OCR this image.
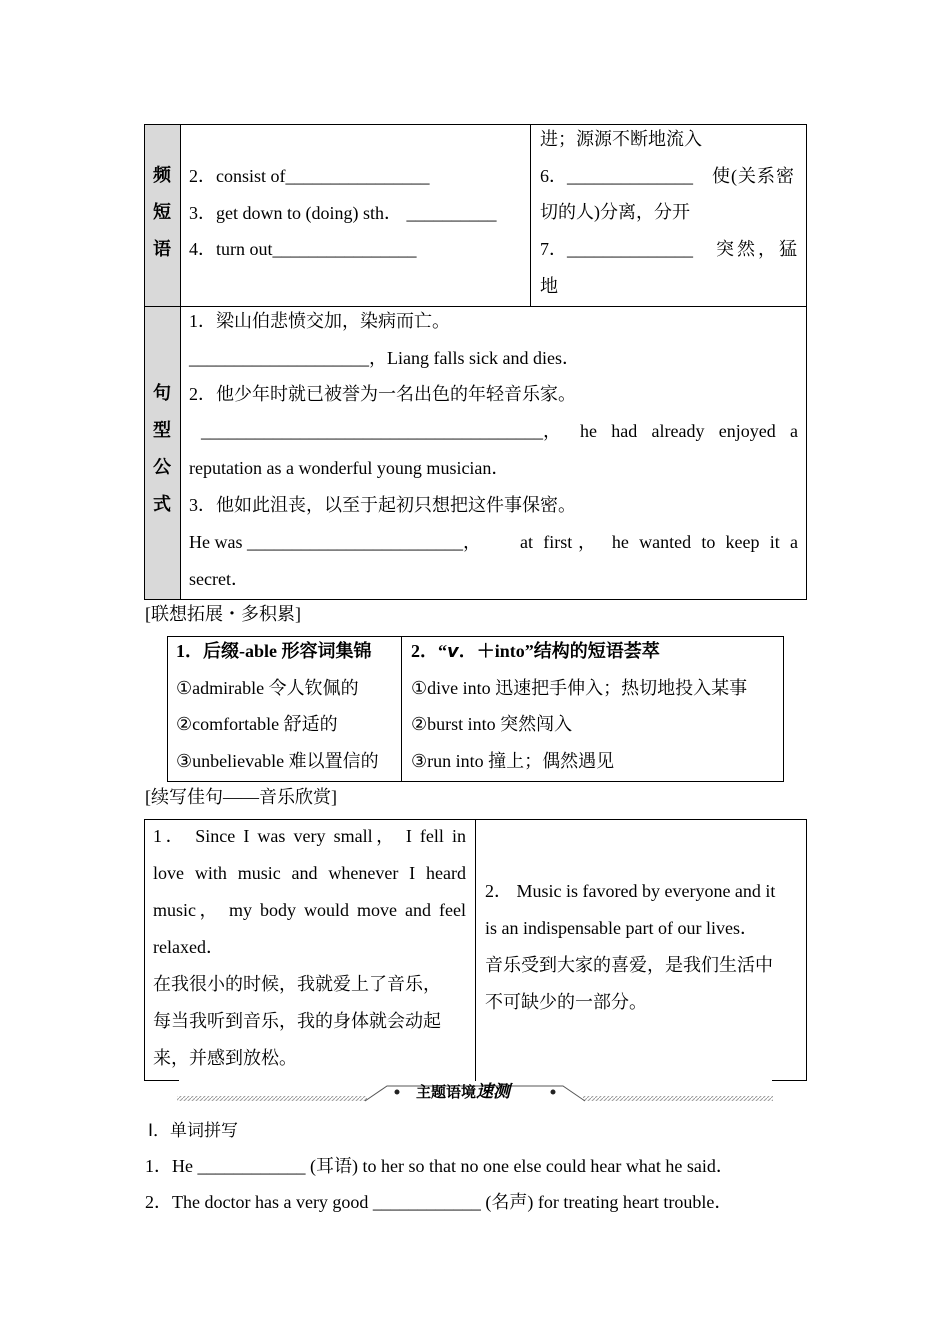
频
短
语
2．consist of________________
3．get down to (doing) sth． __________
4．turn out________________
进；源源不断地流入
6．______________ 使(关系密
切的人)分离，分开
7．______________ 突然，猛
地
句
型
公
式
1．梁山伯悲愤交加，染病而亡。
____________________，Liang falls sick and dies．
2．他少年时就已被誉为一名出色的年轻音乐家。
______________________________________， he had already enjoyed a
reputation as a wonderful young musician．
3．他如此沮丧，以至于起初只想把这件事保密。
He was ________________________， at first， he wanted to keep it a
secret．
[联想拓展・多积累]
1．后缀-able 形容词集锦
①admirable 令人钦佩的
②comfortable 舒适的
③unbelievable 难以置信的
2．“v．＋into”结构的短语荟萃
①dive into 迅速把手伸入；热切地投入某事
②burst into 突然闯入
③run into 撞上；偶然遇见
[续写佳句——音乐欣赏]
1． Since I was very small， I fell in
love with music and whenever I heard
music， my body would move and feel
relaxed．
在我很小的时候，我就爱上了音乐，
每当我听到音乐，我的身体就会动起
来，并感到放松。
2． Music is favored by everyone and it
is an indispensable part of our lives．
音乐受到大家的喜爱，是我们生活中
不可缺少的一部分。
主题语境速测
Ⅰ．单词拼写
1．He ____________ (耳语) to her so that no one else could hear what he said．
2．The doctor has a very good ____________ (名声) for treating heart trouble．
